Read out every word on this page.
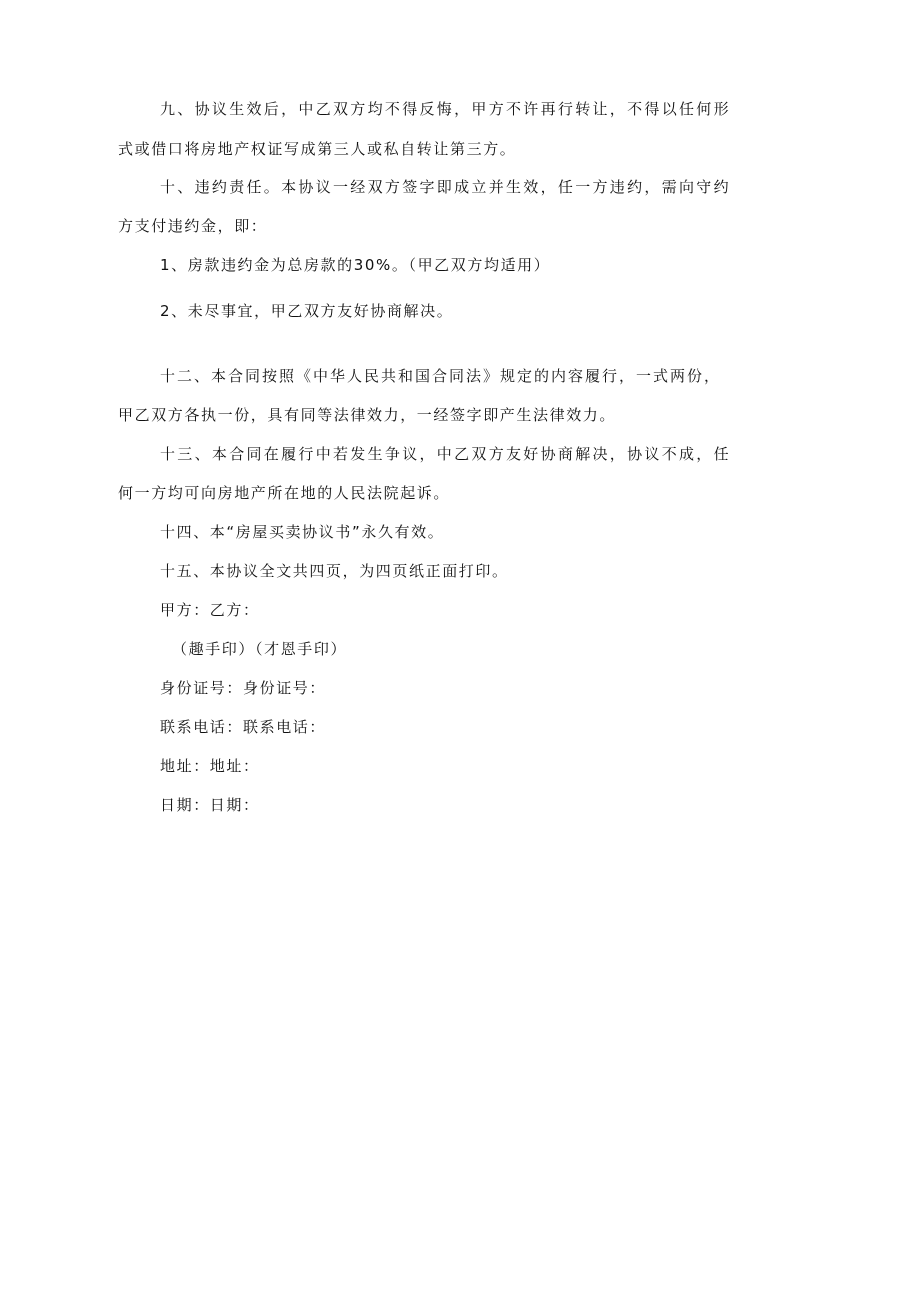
九、协议生效后，中乙双方均不得反悔，甲方不许再行转让，不得以任何形
式或借口将房地产权证写成第三人或私自转让第三方。
十、违约责任。本协议一经双方签字即成立并生效，任一方违约，需向守约
方支付违约金，即：
1、房款违约金为总房款的30%。（甲乙双方均适用）
2、未尽事宜，甲乙双方友好协商解决。
十二、本合同按照《中华人民共和国合同法》规定的内容履行，一式两份，
甲乙双方各执一份，具有同等法律效力，一经签字即产生法律效力。
十三、本合同在履行中若发生争议，中乙双方友好协商解决，协议不成，任
何一方均可向房地产所在地的人民法院起诉。
十四、本“房屋买卖协议书”永久有效。
十五、本协议全文共四页，为四页纸正面打印。
甲方：乙方：
（趣手印）（才恩手印）
身份证号：身份证号：
联系电话：联系电话：
地址：地址：
日期：日期：
